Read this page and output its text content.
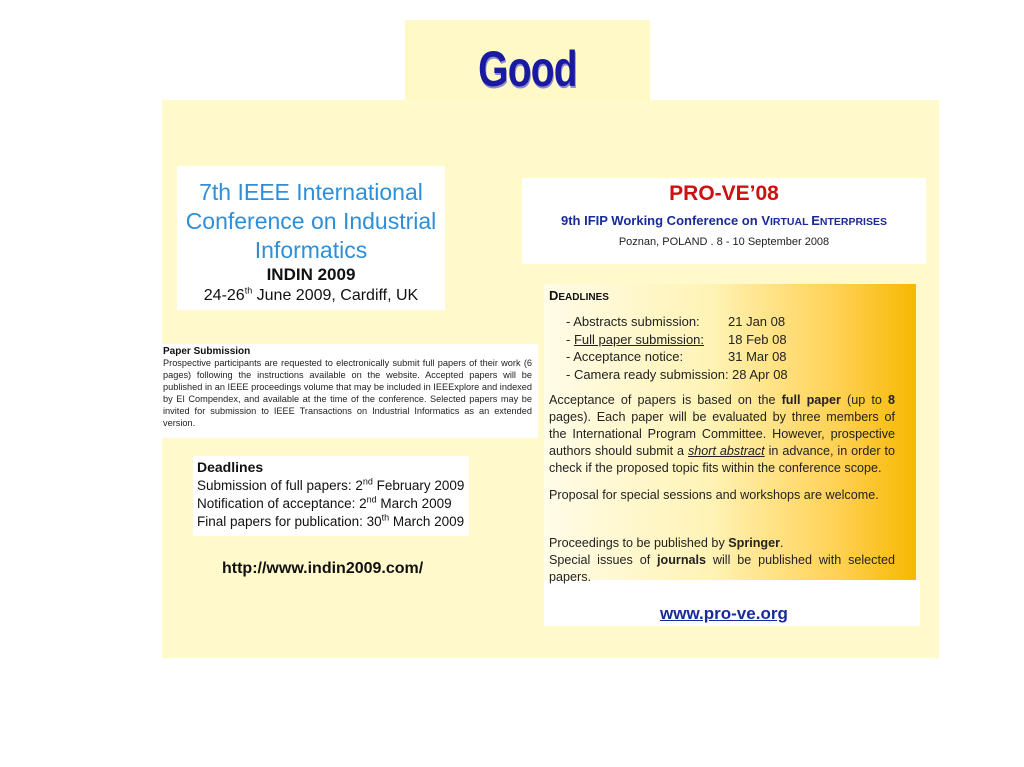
Good
7th IEEE International
Conference on Industrial
Informatics
INDIN 2009
24-26th June 2009, Cardiff, UK
Paper Submission
Prospective participants are requested to electronically submit full papers of their work (6 pages) following the instructions available on the website. Accepted papers will be published in an IEEE proceedings volume that may be included in IEEExplore and indexed by EI Compendex, and available at the time of the conference. Selected papers may be invited for submission to IEEE Transactions on Industrial Informatics as an extended version.
Deadlines
Submission of full papers: 2nd February 2009
Notification of acceptance: 2nd March 2009
Final papers for publication: 30th March 2009
http://www.indin2009.com/
PRO-VE’08
9th IFIP Working Conference on VIRTUAL ENTERPRISES
Poznan, POLAND . 8 - 10 September 2008
DEADLINES
- Abstracts submission: 21 Jan 08
- Full paper submission: 18 Feb 08
- Acceptance notice:	31 Mar 08
- Camera ready submission: 28 Apr 08
Acceptance of papers is based on the full paper (up to 8 pages). Each paper will be evaluated by three members of the International Program Committee. However, prospective authors should submit a short abstract in advance, in order to check if the proposed topic fits within the conference scope.
Proposal for special sessions and workshops are welcome.
Proceedings to be published by Springer.
Special issues of journals will be published with selected papers.
www.pro-ve.org
